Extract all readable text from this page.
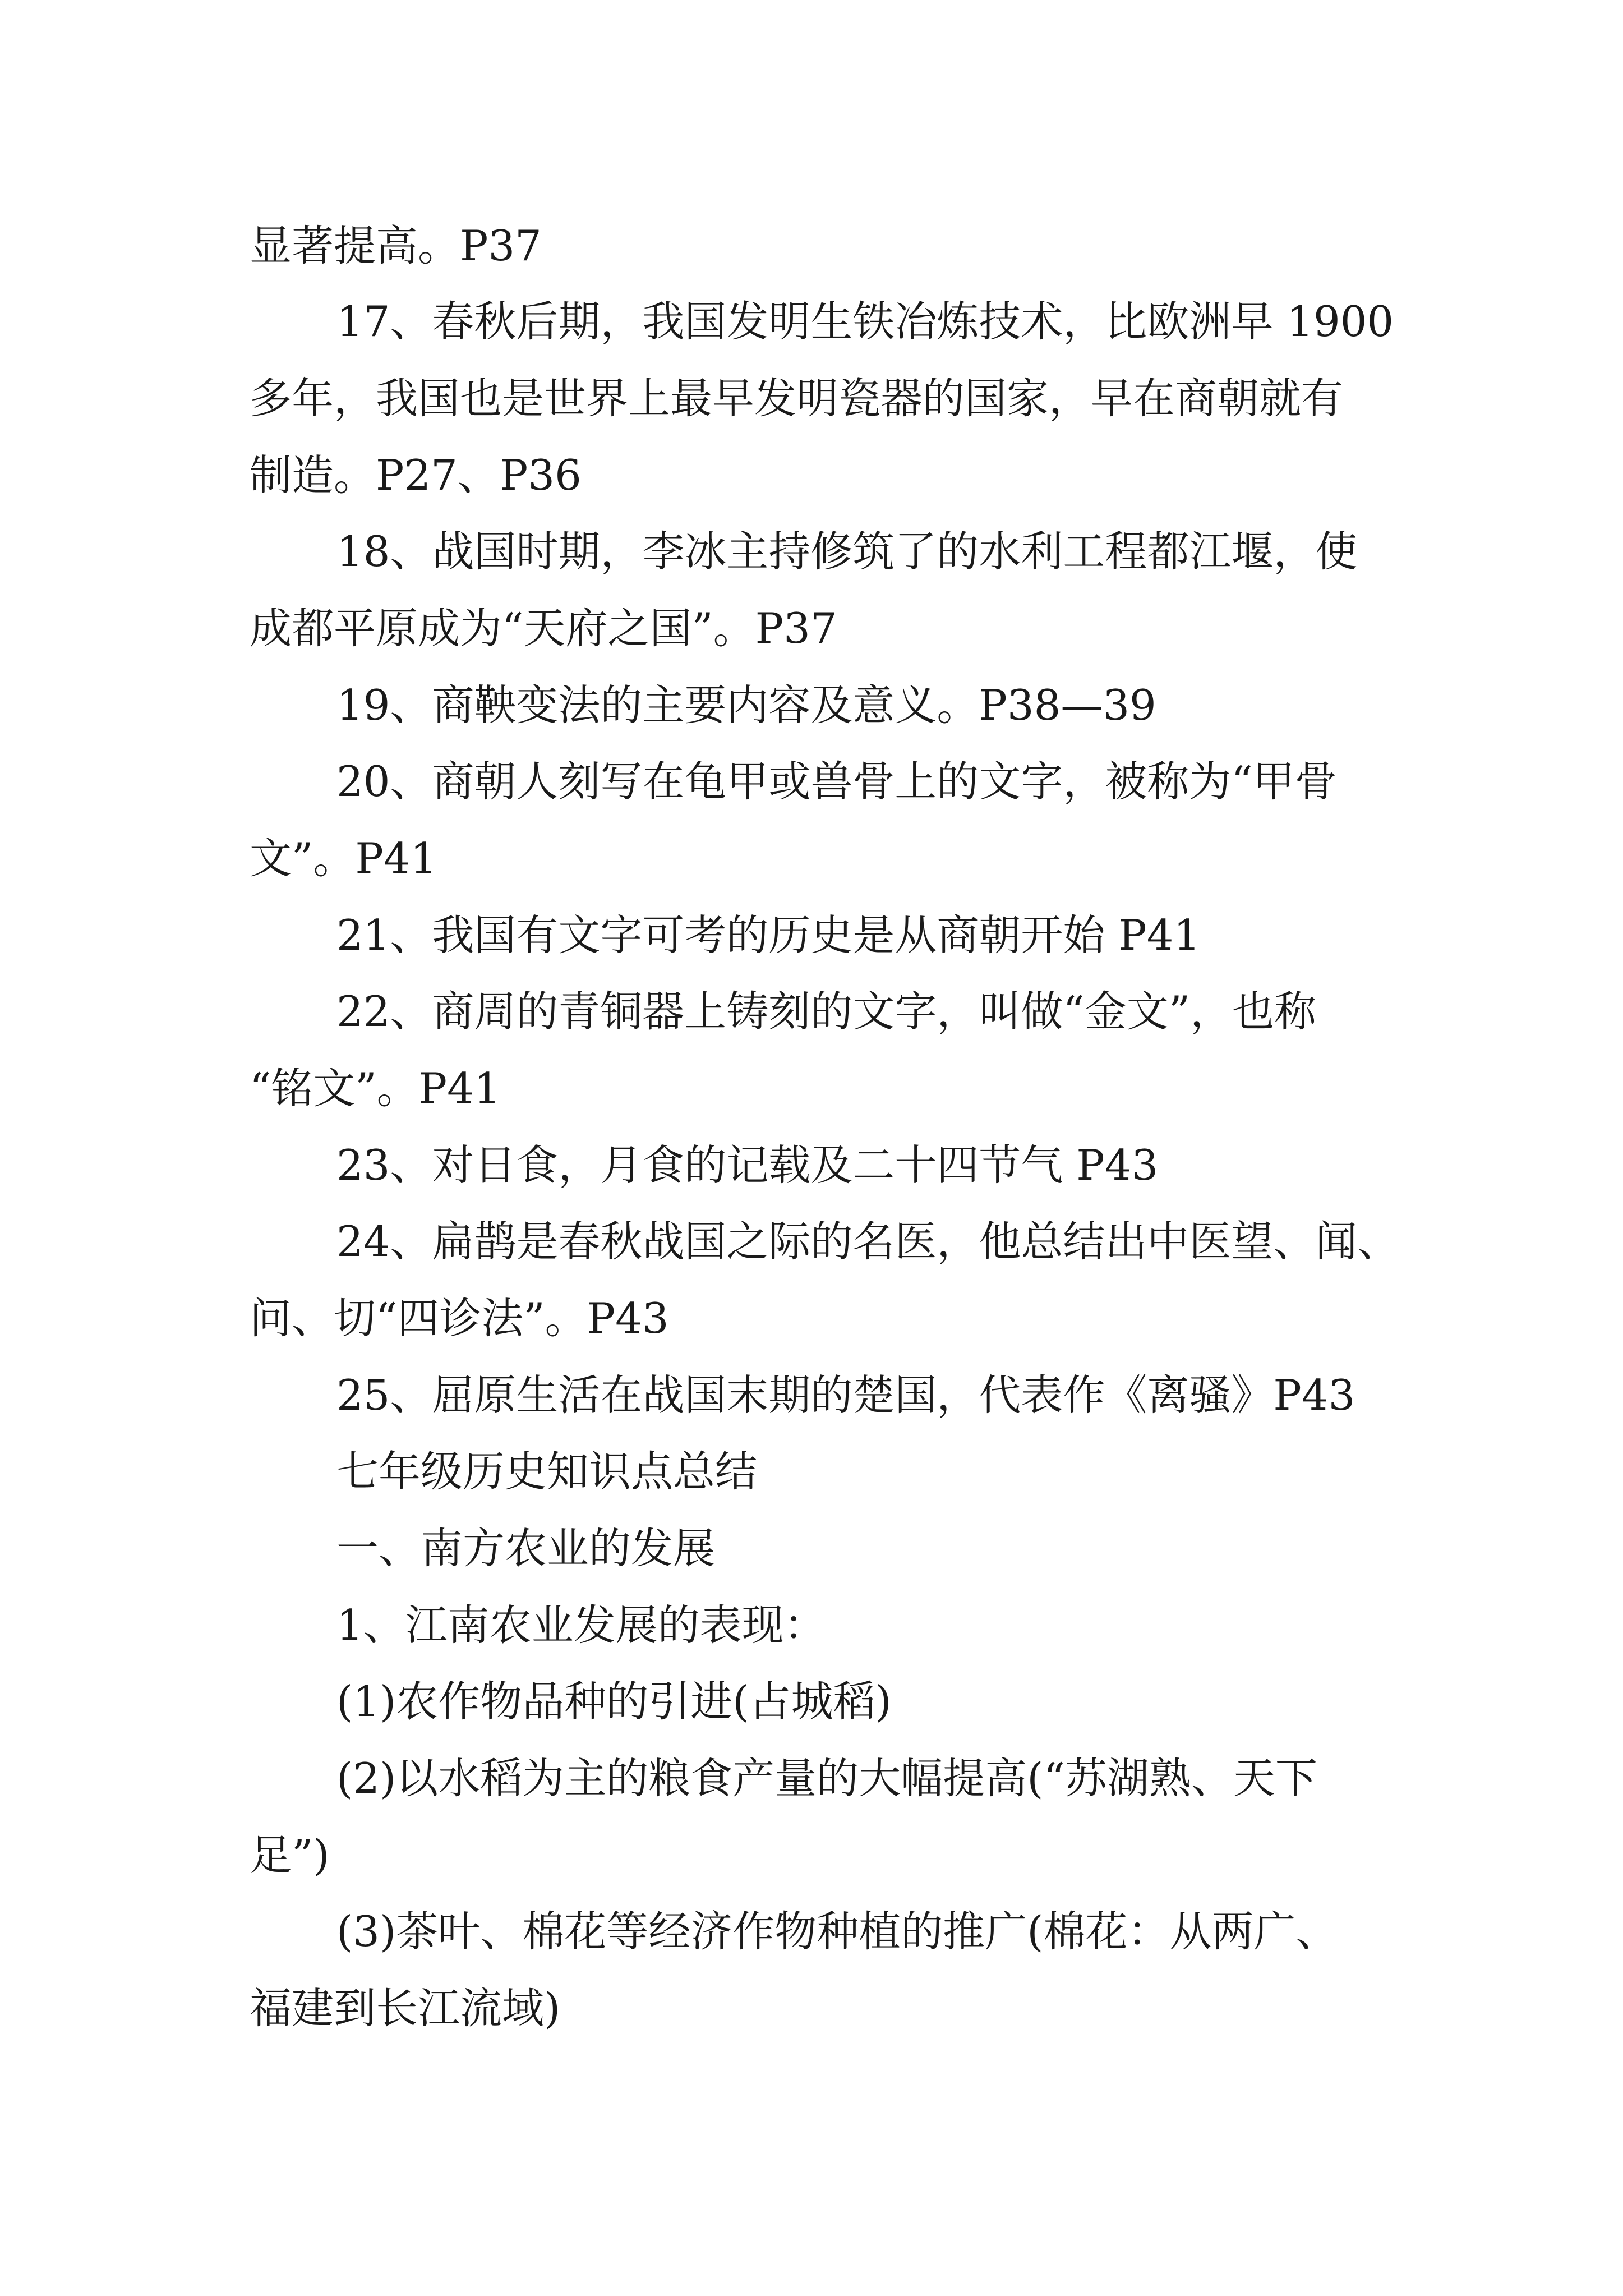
显著提高。P37
17、春秋后期，我国发明生铁冶炼技术，比欧洲早 1900
多年，我国也是世界上最早发明瓷器的国家，早在商朝就有
制造。P27、P36
18、战国时期，李冰主持修筑了的水利工程都江堰，使
成都平原成为“天府之国”。P37
19、商鞅变法的主要内容及意义。P38—39
20、商朝人刻写在龟甲或兽骨上的文字，被称为“甲骨
文”。P41
21、我国有文字可考的历史是从商朝开始 P41
22、商周的青铜器上铸刻的文字，叫做“金文”，也称
“铭文”。P41
23、对日食，月食的记载及二十四节气 P43
24、扁鹊是春秋战国之际的名医，他总结出中医望、闻、
问、切“四诊法”。P43
25、屈原生活在战国末期的楚国，代表作《离骚》P43
七年级历史知识点总结
一、南方农业的发展
1、江南农业发展的表现：
(1)农作物品种的引进(占城稻)
(2)以水稻为主的粮食产量的大幅提高(“苏湖熟、天下
足”)
(3)茶叶、棉花等经济作物种植的推广(棉花：从两广、
福建到长江流域)
